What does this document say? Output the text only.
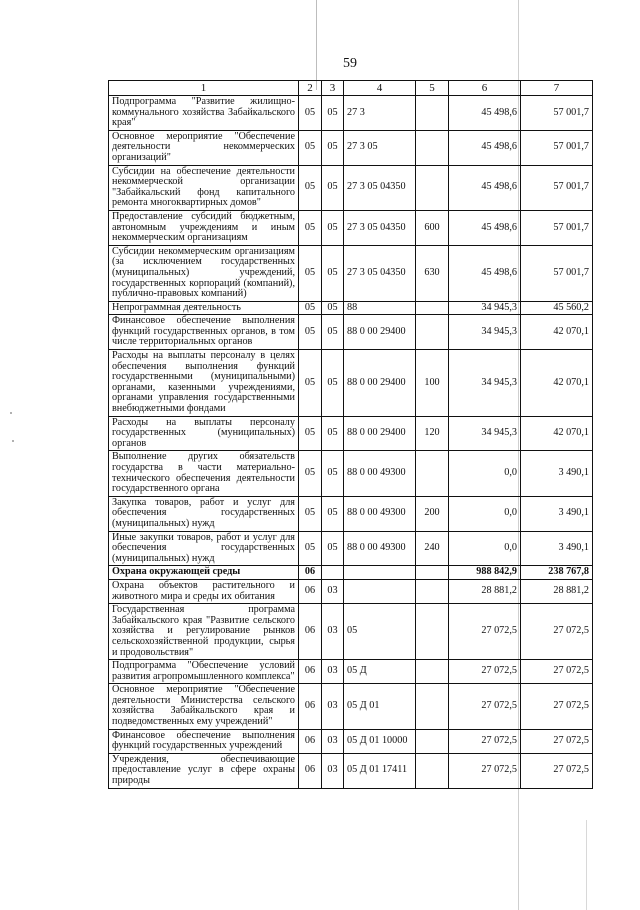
59
1	2	3	4	5	6	7
Подпрограмма "Развитие жилищно-коммунального хозяйства Забайкальского края"	05	05	27 3		45 498,6	57 001,7
Основное мероприятие "Обеспечение деятельности некоммерческих организаций"	05	05	27 3 05		45 498,6	57 001,7
Субсидии на обеспечение деятельности некоммерческой организации "Забайкальский фонд капитального ремонта многоквартирных домов"	05	05	27 3 05 04350		45 498,6	57 001,7
Предоставление субсидий бюджетным, автономным учреждениям и иным некоммерческим организациям	05	05	27 3 05 04350	600	45 498,6	57 001,7
Субсидии некоммерческим организациям (за исключением государственных (муниципальных) учреждений, государственных корпораций (компаний), публично-правовых компаний)	05	05	27 3 05 04350	630	45 498,6	57 001,7
Непрограммная деятельность	05	05	88		34 945,3	45 560,2
Финансовое обеспечение выполнения функций государственных органов, в том числе территориальных органов	05	05	88 0 00 29400		34 945,3	42 070,1
Расходы на выплаты персоналу в целях обеспечения выполнения функций государственными (муниципальными) органами, казенными учреждениями, органами управления государственными внебюджетными фондами	05	05	88 0 00 29400	100	34 945,3	42 070,1
Расходы на выплаты персоналу государственных (муниципальных) органов	05	05	88 0 00 29400	120	34 945,3	42 070,1
Выполнение других обязательств государства в части материально-технического обеспечения деятельности государственного органа	05	05	88 0 00 49300		0,0	3 490,1
Закупка товаров, работ и услуг для обеспечения государственных (муниципальных) нужд	05	05	88 0 00 49300	200	0,0	3 490,1
Иные закупки товаров, работ и услуг для обеспечения государственных (муниципальных) нужд	05	05	88 0 00 49300	240	0,0	3 490,1
Охрана окружающей среды	06				988 842,9	238 767,8
Охрана объектов растительного и животного мира и среды их обитания	06	03			28 881,2	28 881,2
Государственная программа Забайкальского края "Развитие сельского хозяйства и регулирование рынков сельскохозяйственной продукции, сырья и продовольствия"	06	03	05		27 072,5	27 072,5
Подпрограмма "Обеспечение условий развития агропромышленного комплекса"	06	03	05 Д		27 072,5	27 072,5
Основное мероприятие "Обеспечение деятельности Министерства сельского хозяйства Забайкальского края и подведомственных ему учреждений"	06	03	05 Д 01		27 072,5	27 072,5
Финансовое обеспечение выполнения функций государственных учреждений	06	03	05 Д 01 10000		27 072,5	27 072,5
Учреждения, обеспечивающие предоставление услуг в сфере охраны природы	06	03	05 Д 01 17411		27 072,5	27 072,5
